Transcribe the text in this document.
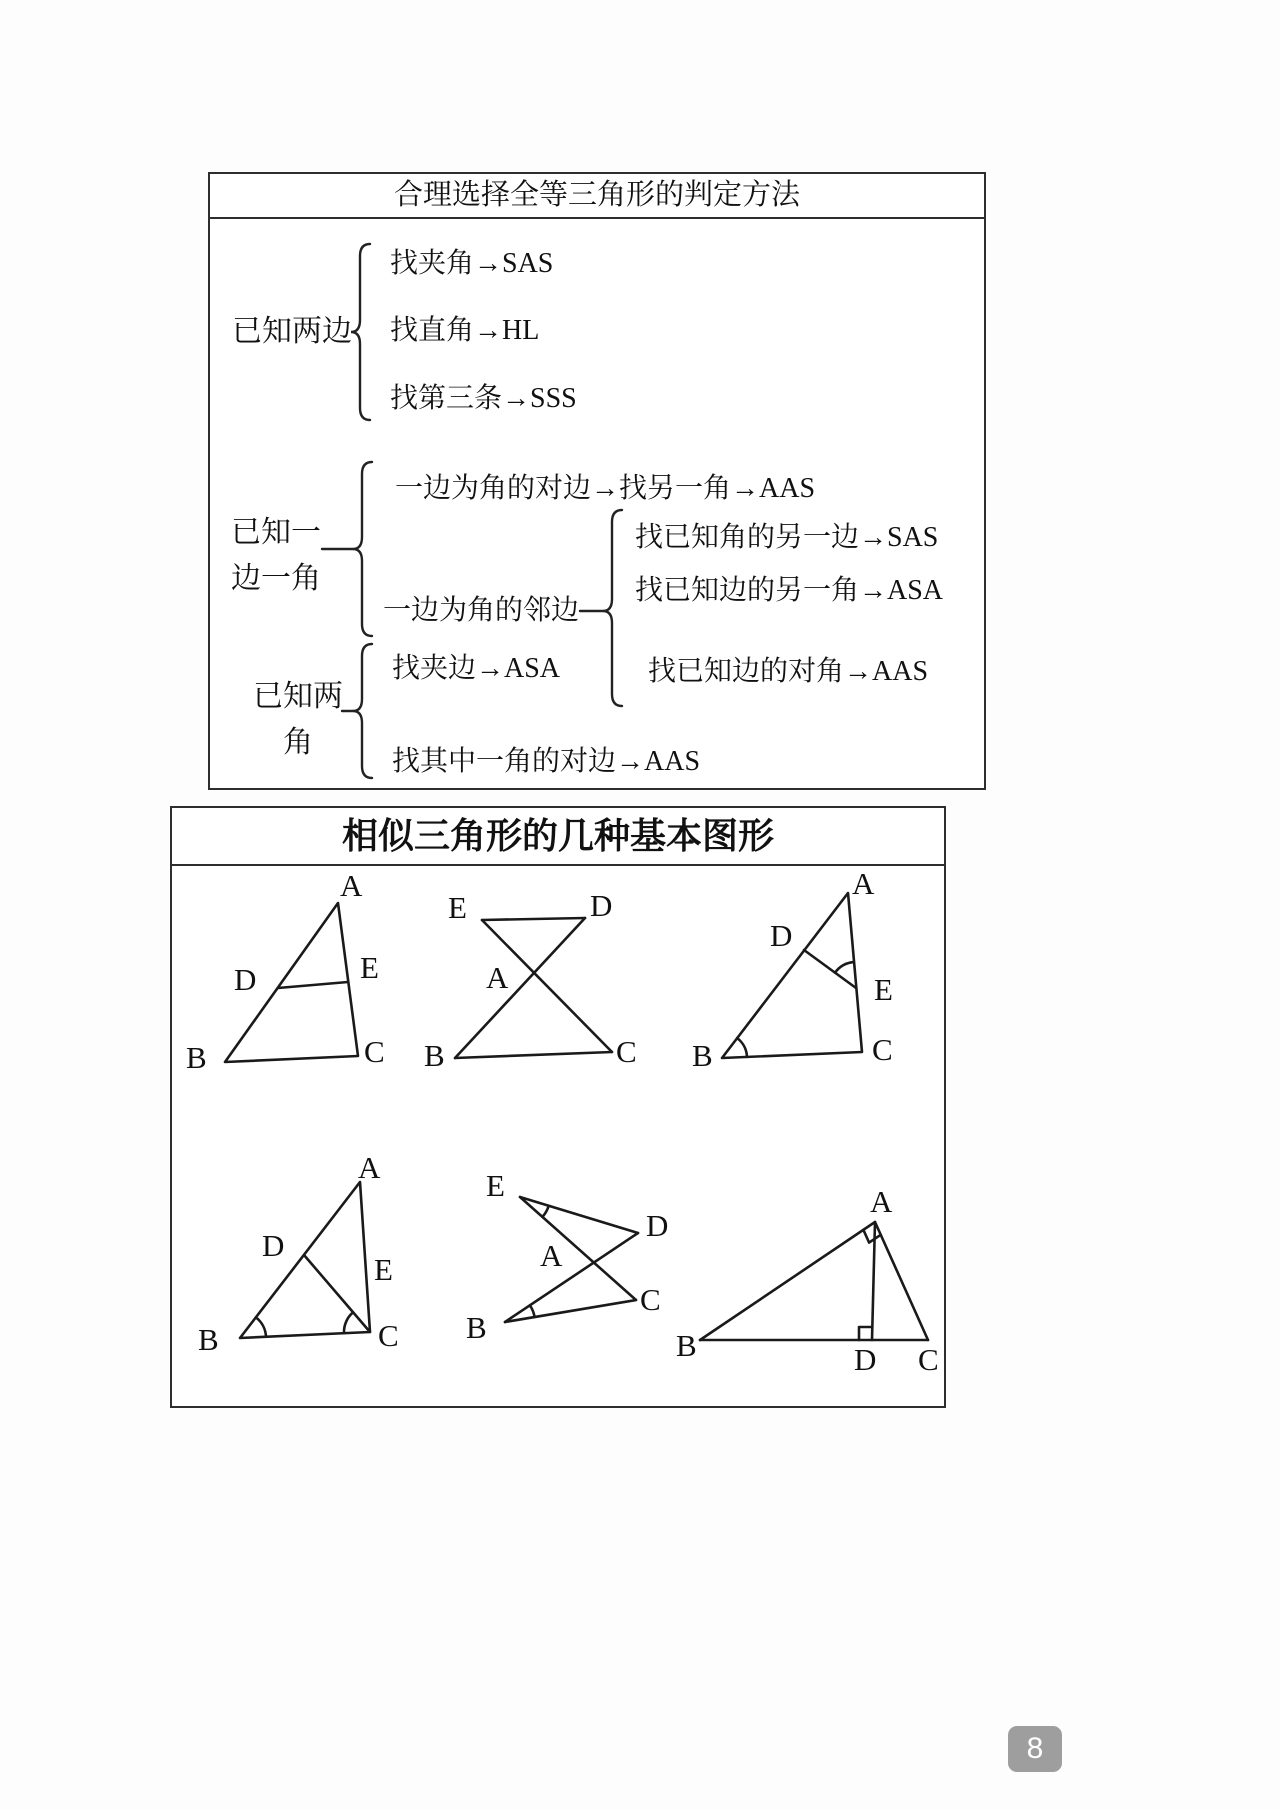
合理选择全等三角形的判定方法
已知两边
找夹角→SAS
找直角→HL
找第三条→SSS
已知一
边一角
一边为角的对边→找另一角→AAS
一边为角的邻边
找已知角的另一边→SAS
找已知边的另一角→ASA
找已知边的对角→AAS
已知两
角
找夹边→ASA
找其中一角的对边→AAS
相似三角形的几种基本图形
A
D	E
B	C
E	D
A
B	C
A
D
E
B	C
A
D
E
B	C
E
D
A
B
C
A
B	D C
8
